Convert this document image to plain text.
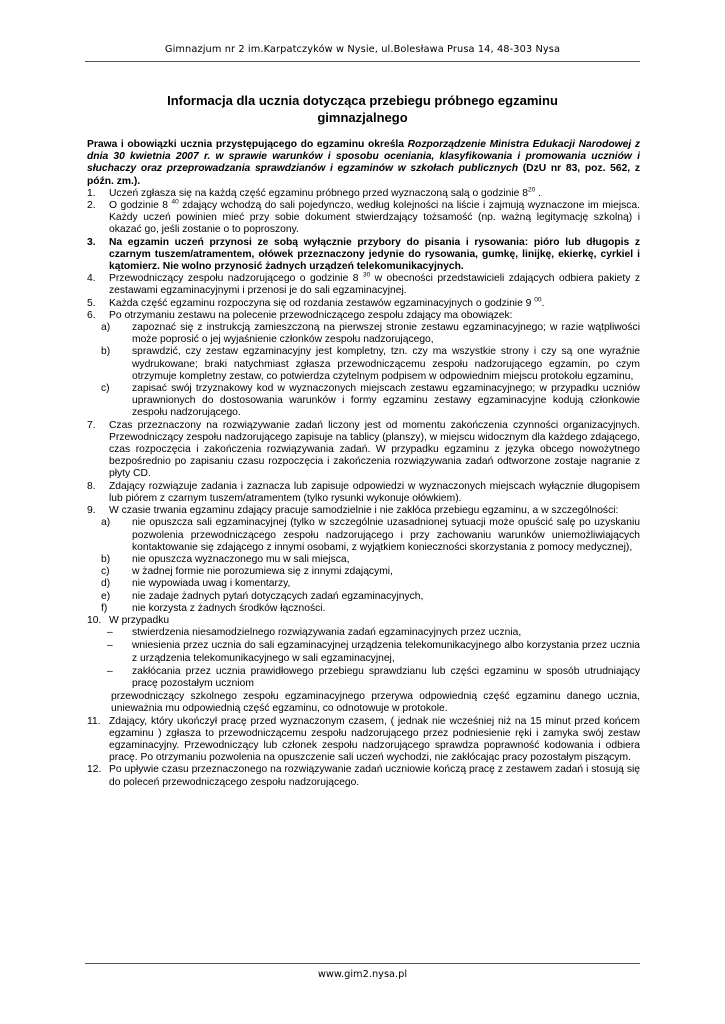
Gimnazjum nr 2 im.Karpatczyków w Nysie, ul.Bolesława Prusa 14, 48-303 Nysa
Informacja dla ucznia dotycząca przebiegu próbnego egzaminu
gimnazjalnego

Prawa i obowiązki ucznia przystępującego do egzaminu określa Rozporządzenie Ministra Edukacji Narodowej z dnia 30 kwietnia 2007 r. w sprawie warunków i sposobu oceniania, klasyfikowania i promowania uczniów i słuchaczy oraz przeprowadzania sprawdzianów i egzaminów w szkołach publicznych (DzU nr 83, poz. 562, z późn. zm.).

1. Uczeń zgłasza się na każdą część egzaminu próbnego przed wyznaczoną salą o godzinie $8^{20}$ .
2. O godzinie 8 $^{40}$ zdający wchodzą do sali pojedynczo, według kolejności na liście i zajmują wyznaczone im miejsca. Każdy uczeń powinien mieć przy sobie dokument stwierdzający tożsamość (np. ważną legitymację szkolną) i okazać go, jeśli zostanie o to poproszony.
3. Na egzamin uczeń przynosi ze sobą wyłącznie przybory do pisania i rysowania: pióro lub długopis z czarnym tuszem/atramentem, ołówek przeznaczony jedynie do rysowania, gumkę, linijkę, ekierkę, cyrkiel i kątomierz. Nie wolno przynosić żadnych urządzeń telekomunikacyjnych.
4. Przewodniczący zespołu nadzorującego o godzinie 8 $^{30}$ w obecności przedstawicieli zdających odbiera pakiety z zestawami egzaminacyjnymi i przenosi je do sali egzaminacyjnej.
5. Każda część egzaminu rozpoczyna się od rozdania zestawów egzaminacyjnych o godzinie 9 $^{00}$.
6. Po otrzymaniu zestawu na polecenie przewodniczącego zespołu zdający ma obowiązek:
a) zapoznać się z instrukcją zamieszczoną na pierwszej stronie zestawu egzaminacyjnego; w razie wątpliwości może poprosić o jej wyjaśnienie członków zespołu nadzorującego,
b) sprawdzić, czy zestaw egzaminacyjny jest kompletny, tzn. czy ma wszystkie strony i czy są one wyraźnie wydrukowane; braki natychmiast zgłasza przewodniczącemu zespołu nadzorującego egzamin, po czym otrzymuje kompletny zestaw, co potwierdza czytelnym podpisem w odpowiednim miejscu protokołu egzaminu,
c) zapisać swój trzyznakowy kod w wyznaczonych miejscach zestawu egzaminacyjnego; w przypadku uczniów uprawnionych do dostosowania warunków i formy egzaminu zestawy egzaminacyjne kodują członkowie zespołu nadzorującego.
7. Czas przeznaczony na rozwiązywanie zadań liczony jest od momentu zakończenia czynności organizacyjnych. Przewodniczący zespołu nadzorującego zapisuje na tablicy (planszy), w miejscu widocznym dla każdego zdającego, czas rozpoczęcia i zakończenia rozwiązywania zadań. W przypadku egzaminu z języka obcego nowożytnego bezpośrednio po zapisaniu czasu rozpoczęcia i zakończenia rozwiązywania zadań odtworzone zostaje nagranie z płyty CD.
8. Zdający rozwiązuje zadania i zaznacza lub zapisuje odpowiedzi w wyznaczonych miejscach wyłącznie długopisem lub piórem z czarnym tuszem/atramentem (tylko rysunki wykonuje ołówkiem).
9. W czasie trwania egzaminu zdający pracuje samodzielnie i nie zakłóca przebiegu egzaminu, a w szczególności:
a) nie opuszcza sali egzaminacyjnej (tylko w szczególnie uzasadnionej sytuacji może opuścić salę po uzyskaniu pozwolenia przewodniczącego zespołu nadzorującego i przy zachowaniu warunków uniemożliwiających kontaktowanie się zdającego z innymi osobami, z wyjątkiem konieczności skorzystania z pomocy medycznej),
b) nie opuszcza wyznaczonego mu w sali miejsca,
c) w żadnej formie nie porozumiewa się z innymi zdającymi,
d) nie wypowiada uwag i komentarzy,
e) nie zadaje żadnych pytań dotyczących zadań egzaminacyjnych,
f) nie korzysta z żadnych środków łączności.
10. W przypadku
– stwierdzenia niesamodzielnego rozwiązywania zadań egzaminacyjnych przez ucznia,
– wniesienia przez ucznia do sali egzaminacyjnej urządzenia telekomunikacyjnego albo korzystania przez ucznia z urządzenia telekomunikacyjnego w sali egzaminacyjnej,
– zakłócania przez ucznia prawidłowego przebiegu sprawdzianu lub części egzaminu w sposób utrudniający pracę pozostałym uczniom
przewodniczący szkolnego zespołu egzaminacyjnego przerywa odpowiednią część egzaminu danego ucznia, unieważnia mu odpowiednią część egzaminu, co odnotowuje w protokole.
11. Zdający, który ukończył pracę przed wyznaczonym czasem, ( jednak nie wcześniej niż na 15 minut przed końcem egzaminu ) zgłasza to przewodniczącemu zespołu nadzorującego przez podniesienie ręki i zamyka swój zestaw egzaminacyjny. Przewodniczący lub członek zespołu nadzorującego sprawdza poprawność kodowania i odbiera pracę. Po otrzymaniu pozwolenia na opuszczenie sali uczeń wychodzi, nie zakłócając pracy pozostałym piszącym.
12. Po upływie czasu przeznaczonego na rozwiązywanie zadań uczniowie kończą pracę z zestawem zadań i stosują się do poleceń przewodniczącego zespołu nadzorującego.
www.gim2.nysa.pl
